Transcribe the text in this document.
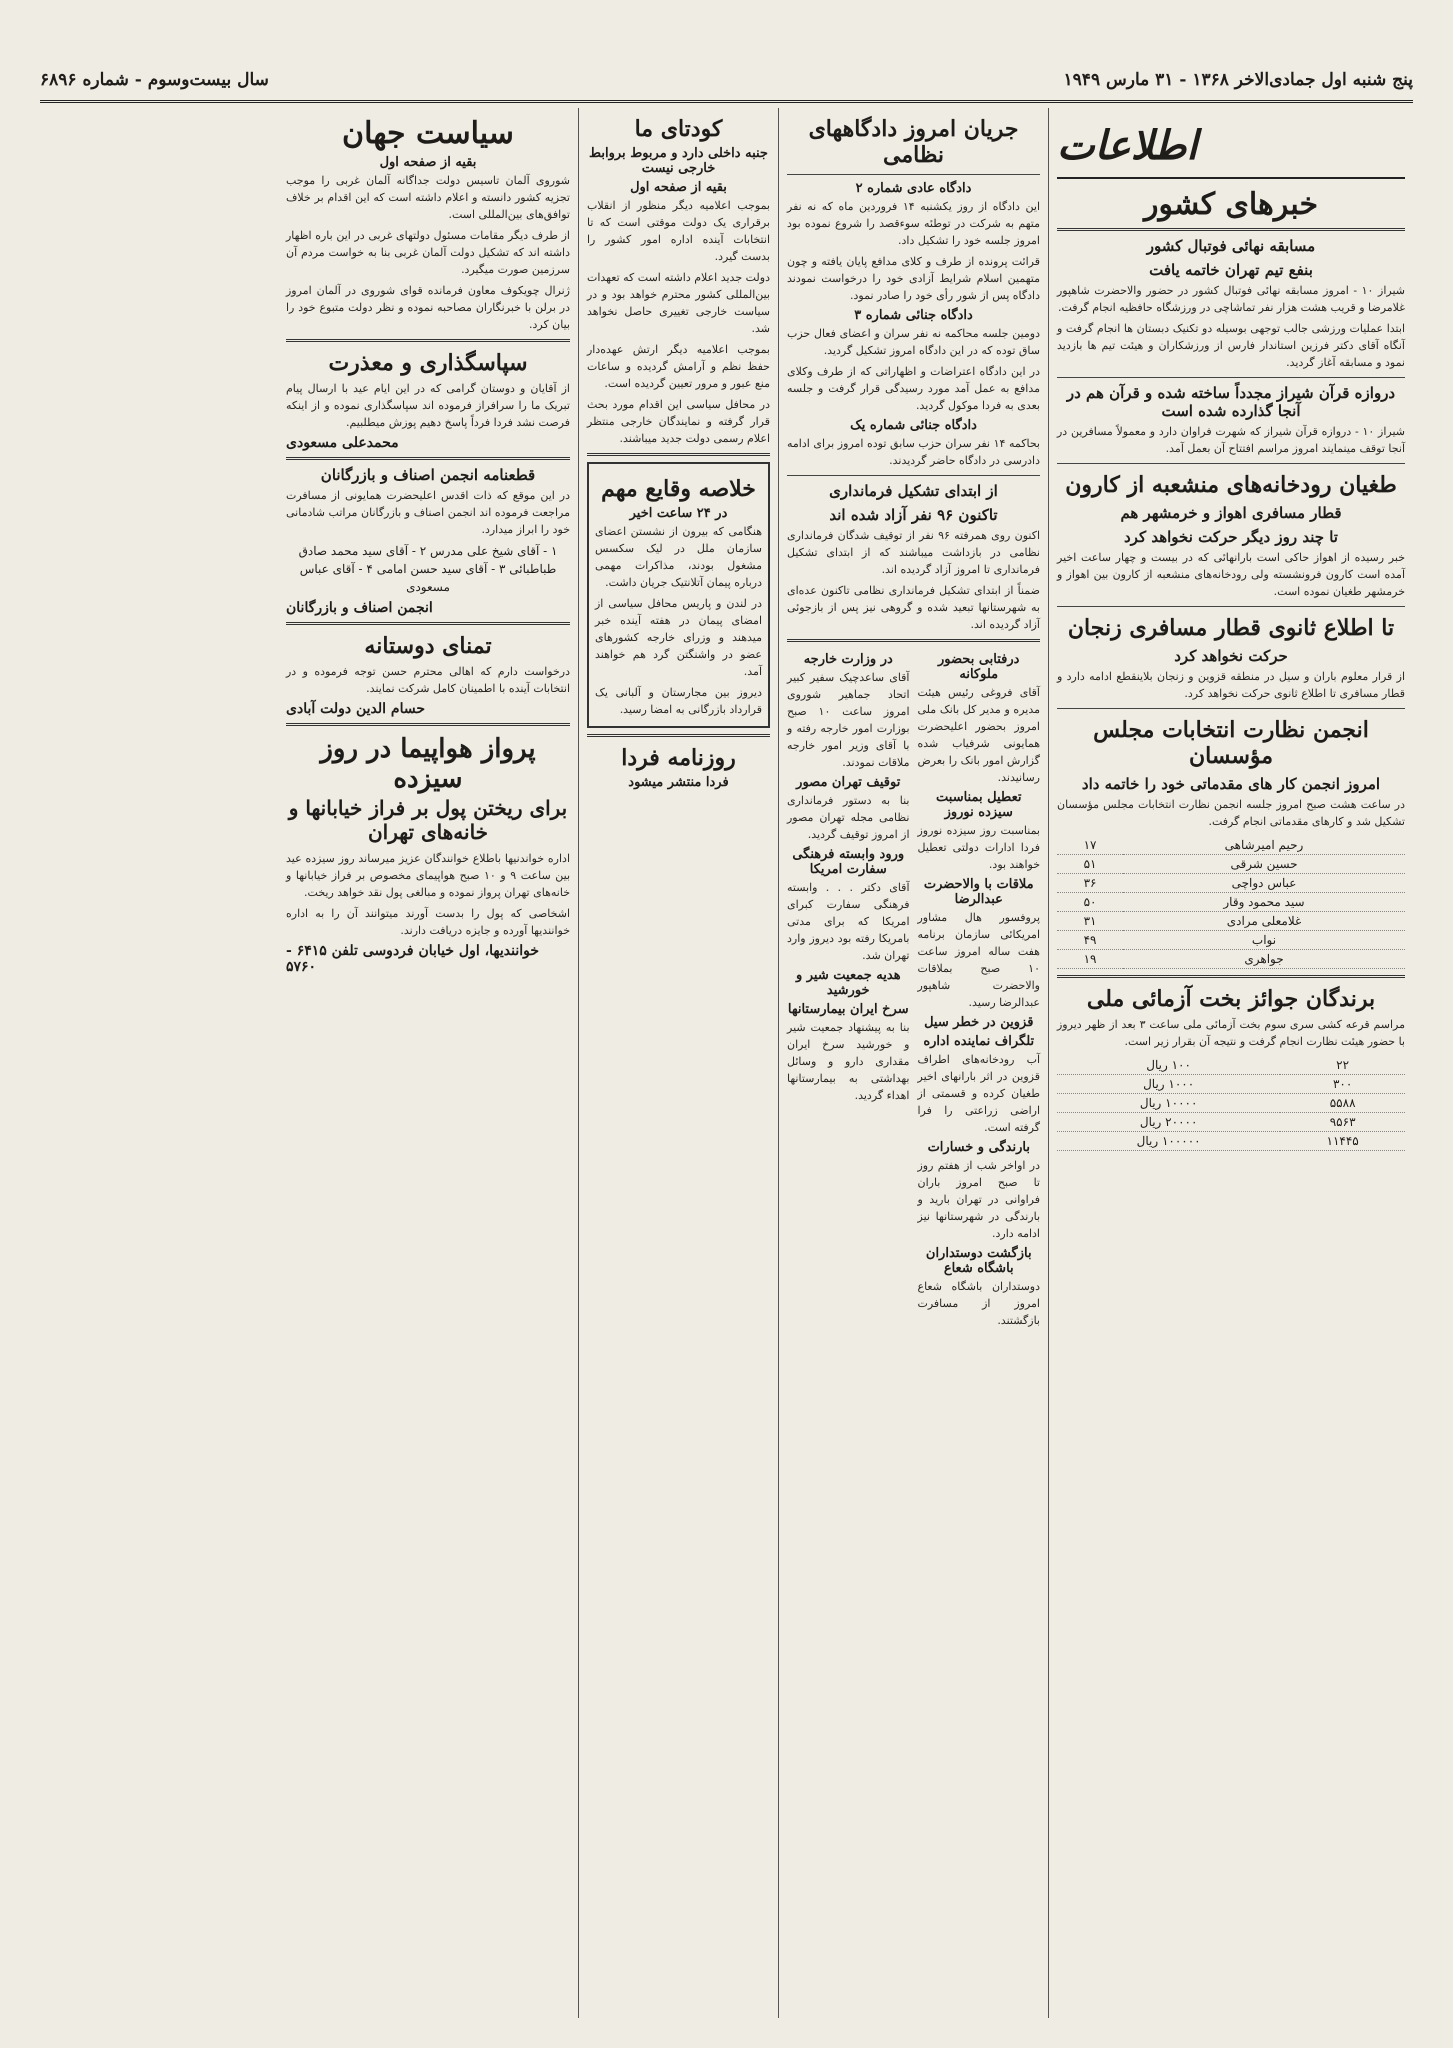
پنج شنبه اول جمادی‌الاخر ۱۳۶۸ - ۳۱ مارس ۱۹۴۹
سال بیست‌وسوم - شماره ۶۸۹۶
اطلاعات
خبرهای کشور
مسابقه نهائی فوتبال کشور
بنفع تیم تهران خاتمه یافت

شیراز ۱۰ - امروز مسابقه نهائی فوتبال کشور در حضور والاحضرت شاهپور غلامرضا و قریب هشت هزار نفر تماشاچی در ورزشگاه حافظیه انجام گرفت.

ابتدا عملیات ورزشی جالب توجهی بوسیله دو تکنیک دبستان ها انجام گرفت و آنگاه آقای دکتر فرزین استاندار فارس از ورزشکاران و هیئت تیم ها بازدید نمود و مسابقه آغاز گردید.

دروازه قرآن شیراز مجدداً ساخته شده و قرآن هم در آنجا گذارده شده است

شیراز ۱۰ - دروازه قرآن شیراز که شهرت فراوان دارد و معمولاً مسافرین در آنجا توقف مینمایند امروز مراسم افتتاح آن بعمل آمد.

طغیان رودخانه‌های منشعبه از کارون
قطار مسافری اهواز و خرمشهر هم
تا چند روز دیگر حرکت نخواهد کرد

خبر رسیده از اهواز حاکی است بارانهائی که در بیست و چهار ساعت اخیر آمده است کارون فرونشسته ولی رودخانه‌های منشعبه از کارون بین اهواز و خرمشهر طغیان نموده است.

تا اطلاع ثانوی قطار مسافری زنجان
حرکت نخواهد کرد

از قرار معلوم باران و سیل در منطقه قزوین و زنجان بلاینقطع ادامه دارد و قطار مسافری تا اطلاع ثانوی حرکت نخواهد کرد.

انجمن نظارت انتخابات مجلس مؤسسان
امروز انجمن کار های مقدماتی خود را خاتمه داد

در ساعت هشت صبح امروز جلسه انجمن نظارت انتخابات مجلس مؤسسان تشکیل شد و کارهای مقدماتی انجام گرفت.

رحیم امیرشاهی	۱۷
حسین شرقی	۵۱
عباس دواچی	۳۶
سید محمود وقار	۵۰
غلامعلی مرادی	۳۱
نواب	۴۹
جواهری	۱۹
برندگان جوائز بخت آزمائی ملی

مراسم قرعه کشی سری سوم بخت آزمائی ملی ساعت ۳ بعد از ظهر دیروز با حضور هیئت نظارت انجام گرفت و نتیجه آن بقرار زیر است.

۲۲	۱۰۰ ریال
۳۰۰	۱۰۰۰ ریال
۵۵۸۸	۱۰۰۰۰ ریال
۹۵۶۳	۲۰۰۰۰ ریال
۱۱۴۴۵	۱۰۰۰۰۰ ریال
جریان امروز دادگاههای نظامی
دادگاه عادی شماره ۲

این دادگاه از روز یکشنبه ۱۴ فروردین ماه که نه نفر متهم به شرکت در توطئه سوءقصد را شروع نموده بود امروز جلسه خود را تشکیل داد.

قرائت پرونده از طرف و کلای مدافع پایان یافته و چون متهمین اسلام شرایط آزادی خود را درخواست نمودند دادگاه پس از شور رأی خود را صادر نمود.

دادگاه جنائی شماره ۳

دومین جلسه محاکمه نه نفر سران و اعضای فعال حزب ساق توده که در این دادگاه امروز تشکیل گردید.

در این دادگاه اعتراضات و اظهاراتی که از طرف وکلای مدافع به عمل آمد مورد رسیدگی قرار گرفت و جلسه بعدی به فردا موکول گردید.

دادگاه جنائی شماره یک

بحاکمه ۱۴ نفر سران حزب سابق توده امروز برای ادامه دادرسی در دادگاه حاضر گردیدند.

از ابتدای تشکیل فرمانداری
تاکنون ۹۶ نفر آزاد شده اند

اکنون روی همرفته ۹۶ نفر از توقیف شدگان فرمانداری نظامی در بازداشت میباشند که از ابتدای تشکیل فرمانداری تا امروز آزاد گردیده اند.

ضمناً از ابتدای تشکیل فرمانداری نظامی تاکنون عده‌ای به شهرستانها تبعید شده و گروهی نیز پس از بازجوئی آزاد گردیده اند.

درفتابی بحضور ملوکانه

آقای فروغی رئیس هیئت مدیره و مدیر کل بانک ملی امروز بحضور اعلیحضرت همایونی شرفیاب شده گزارش امور بانک را بعرض رسانیدند.

تعطیل بمناسبت سیزده نوروز

بمناسبت روز سیزده نوروز فردا ادارات دولتی تعطیل خواهند بود.

ملاقات با والاحضرت عبدالرضا

پروفسور هال مشاور امریکائی سازمان برنامه هفت ساله امروز ساعت ۱۰ صبح بملاقات والاحضرت شاهپور عبدالرضا رسید.

قزوین در خطر سیل
تلگراف نماینده اداره

آب رودخانه‌های اطراف قزوین در اثر بارانهای اخیر طغیان کرده و قسمتی از اراضی زراعتی را فرا گرفته است.

بارندگی و خسارات

در اواخر شب از هفتم روز تا صبح امروز باران فراوانی در تهران بارید و بارندگی در شهرستانها نیز ادامه دارد.

بازگشت دوستداران باشگاه شعاع

دوستداران باشگاه شعاع امروز از مسافرت بازگشتند.

در وزارت خارجه

آقای ساعدچیک سفیر کبیر اتحاد جماهیر شوروی امروز ساعت ۱۰ صبح بوزارت امور خارجه رفته و با آقای وزیر امور خارجه ملاقات نمودند.

توقیف تهران مصور

بنا به دستور فرمانداری نظامی مجله تهران مصور از امروز توقیف گردید.

ورود وابسته فرهنگی سفارت امریکا

آقای دکتر . . . وابسته فرهنگی سفارت کبرای امریکا که برای مدتی بامریکا رفته بود دیروز وارد تهران شد.

هدیه جمعیت شیر و خورشید
سرخ ایران بیمارستانها

بنا به پیشنهاد جمعیت شیر و خورشید سرخ ایران مقداری دارو و وسائل بهداشتی به بیمارستانها اهداء گردید.

کودتای ما
جنبه داخلی دارد و مربوط بروابط خارجی نیست
بقیه از صفحه اول

بموجب اعلامیه دیگر منظور از انقلاب برقراری یک دولت موقتی است که تا انتخابات آینده اداره امور کشور را بدست گیرد.

دولت جدید اعلام داشته است که تعهدات بین‌المللی کشور محترم خواهد بود و در سیاست خارجی تغییری حاصل نخواهد شد.

بموجب اعلامیه دیگر ارتش عهده‌دار حفظ نظم و آرامش گردیده و ساعات منع عبور و مرور تعیین گردیده است.

در محافل سیاسی این اقدام مورد بحث قرار گرفته و نمایندگان خارجی منتظر اعلام رسمی دولت جدید میباشند.

خلاصه وقایع مهم
در ۲۴ ساعت اخیر

هنگامی که بیرون از نشستن اعضای سازمان ملل در لیک سکسس مشغول بودند، مذاکرات مهمی درباره پیمان آتلانتیک جریان داشت.

در لندن و پاریس محافل سیاسی از امضای پیمان در هفته آینده خبر میدهند و وزرای خارجه کشورهای عضو در واشنگتن گرد هم خواهند آمد.

دیروز بین مجارستان و آلبانی یک قرارداد بازرگانی به امضا رسید.

روزنامه فردا
فردا منتشر میشود
سیاست جهان
بقیه از صفحه اول

شوروی آلمان تاسیس دولت جداگانه آلمان غربی را موجب تجزیه کشور دانسته و اعلام داشته است که این اقدام بر خلاف توافق‌های بین‌المللی است.

از طرف دیگر مقامات مسئول دولتهای غربی در این باره اظهار داشته اند که تشکیل دولت آلمان غربی بنا به خواست مردم آن سرزمین صورت میگیرد.

ژنرال چویکوف معاون فرمانده قوای شوروی در آلمان امروز در برلن با خبرنگاران مصاحبه نموده و نظر دولت متبوع خود را بیان کرد.

سپاسگذاری و معذرت

از آقایان و دوستان گرامی که در این ایام عید با ارسال پیام تبریک ما را سرافراز فرموده اند سپاسگذاری نموده و از اینکه فرصت نشد فردا فرداً پاسخ دهیم پوزش میطلبیم.

محمدعلی مسعودی
قطعنامه انجمن اصناف و بازرگانان

در این موقع که ذات اقدس اعلیحضرت همایونی از مسافرت مراجعت فرموده اند انجمن اصناف و بازرگانان مراتب شادمانی خود را ابراز میدارد.

۱ - آقای شیخ علی مدرس ۲ - آقای سید محمد صادق طباطبائی ۳ - آقای سید حسن امامی ۴ - آقای عباس مسعودی
انجمن اصناف و بازرگانان
تمنای دوستانه

درخواست دارم که اهالی محترم حسن توجه فرموده و در انتخابات آینده با اطمینان کامل شرکت نمایند.

حسام الدین دولت آبادی
پرواز هواپیما در روز سیزده
برای ریختن پول بر فراز خیابانها و خانه‌های تهران

اداره خواندنیها باطلاع خوانندگان عزیز میرساند روز سیزده عید بین ساعت ۹ و ۱۰ صبح هواپیمای مخصوص بر فراز خیابانها و خانه‌های تهران پرواز نموده و مبالغی پول نقد خواهد ریخت.

اشخاصی که پول را بدست آورند میتوانند آن را به اداره خوانندیها آورده و جایزه دریافت دارند.

خوانندیها، اول خیابان فردوسی تلفن ۶۴۱۵ - ۵۷۶۰
